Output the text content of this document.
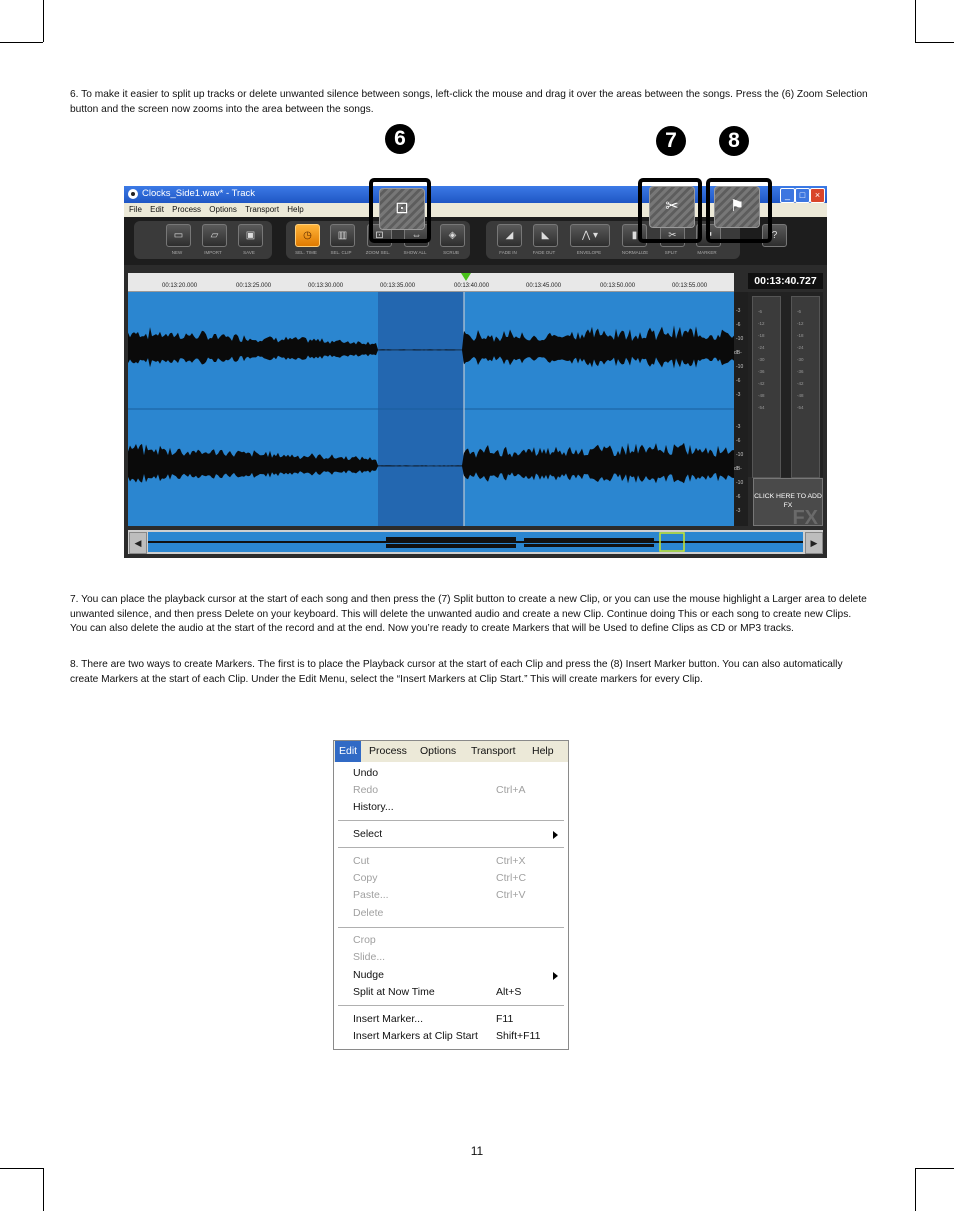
6. To make it easier to split up tracks or delete unwanted silence between songs, left-click the mouse and drag it over the areas between the songs. Press the (6) Zoom Selection button and the screen now zooms into the area between the songs.

Clocks_Side1.wav* - Track	_	□	×
File Edit Process Options Transport Help
▭
NEW
▱
IMPORT
▣
SAVE
◷
SEL. TIME
▥
SEL. CLIP
⊡
ZOOM SEL.
⇔
SHOW ALL
◈
SCRUB
◢
FADE IN
◣
FADE OUT
⋀ ▾
ENVELOPE
▮
NORMALIZE
✂
SPLIT
⚑
MARKER
?
00:13:20.000	00:13:25.000	00:13:30.000	00:13:35.000	00:13:40.000	00:13:45.000	00:13:50.000	00:13:55.000
-3
-6
-10
dB-
-10
-6
-3
-3
-6
-10
dB-
-10
-6
-3
00:13:40.727
-6
-12
-18
-24
-30
-36
-42
-48
-54
-6
-12
-18
-24
-30
-36
-42
-48
-54
FX
CLICK HERE TO ADD FX
◀	▶
6
⊡
7
✂
8
⚑

7. You can place the playback cursor at the start of each song and then press the (7) Split button to create a new Clip, or you can use the mouse highlight a Larger area to delete unwanted silence, and then press Delete on your keyboard. This will delete the unwanted audio and create a new Clip. Continue doing This or each song to create new Clips. You can also delete the audio at the start of the record and at the end. Now you’re ready to create Markers that will be Used to define Clips as CD or MP3 tracks.

8. There are two ways to create Markers. The first is to place the Playback cursor at the start of each Clip and press the (8) Insert Marker button. You can also automatically create Markers at the start of each Clip. Under the Edit Menu, select the “Insert Markers at Clip Start.” This will create markers for every Clip.

Edit	Process Options Transport Help
Undo
Redo	Ctrl+A
History...
Select
Cut	Ctrl+X
Copy	Ctrl+C
Paste...	Ctrl+V
Delete
Crop
Slide...
Nudge
Split at Now Time	Alt+S
Insert Marker...	F11
Insert Markers at Clip Start Shift+F11
11
